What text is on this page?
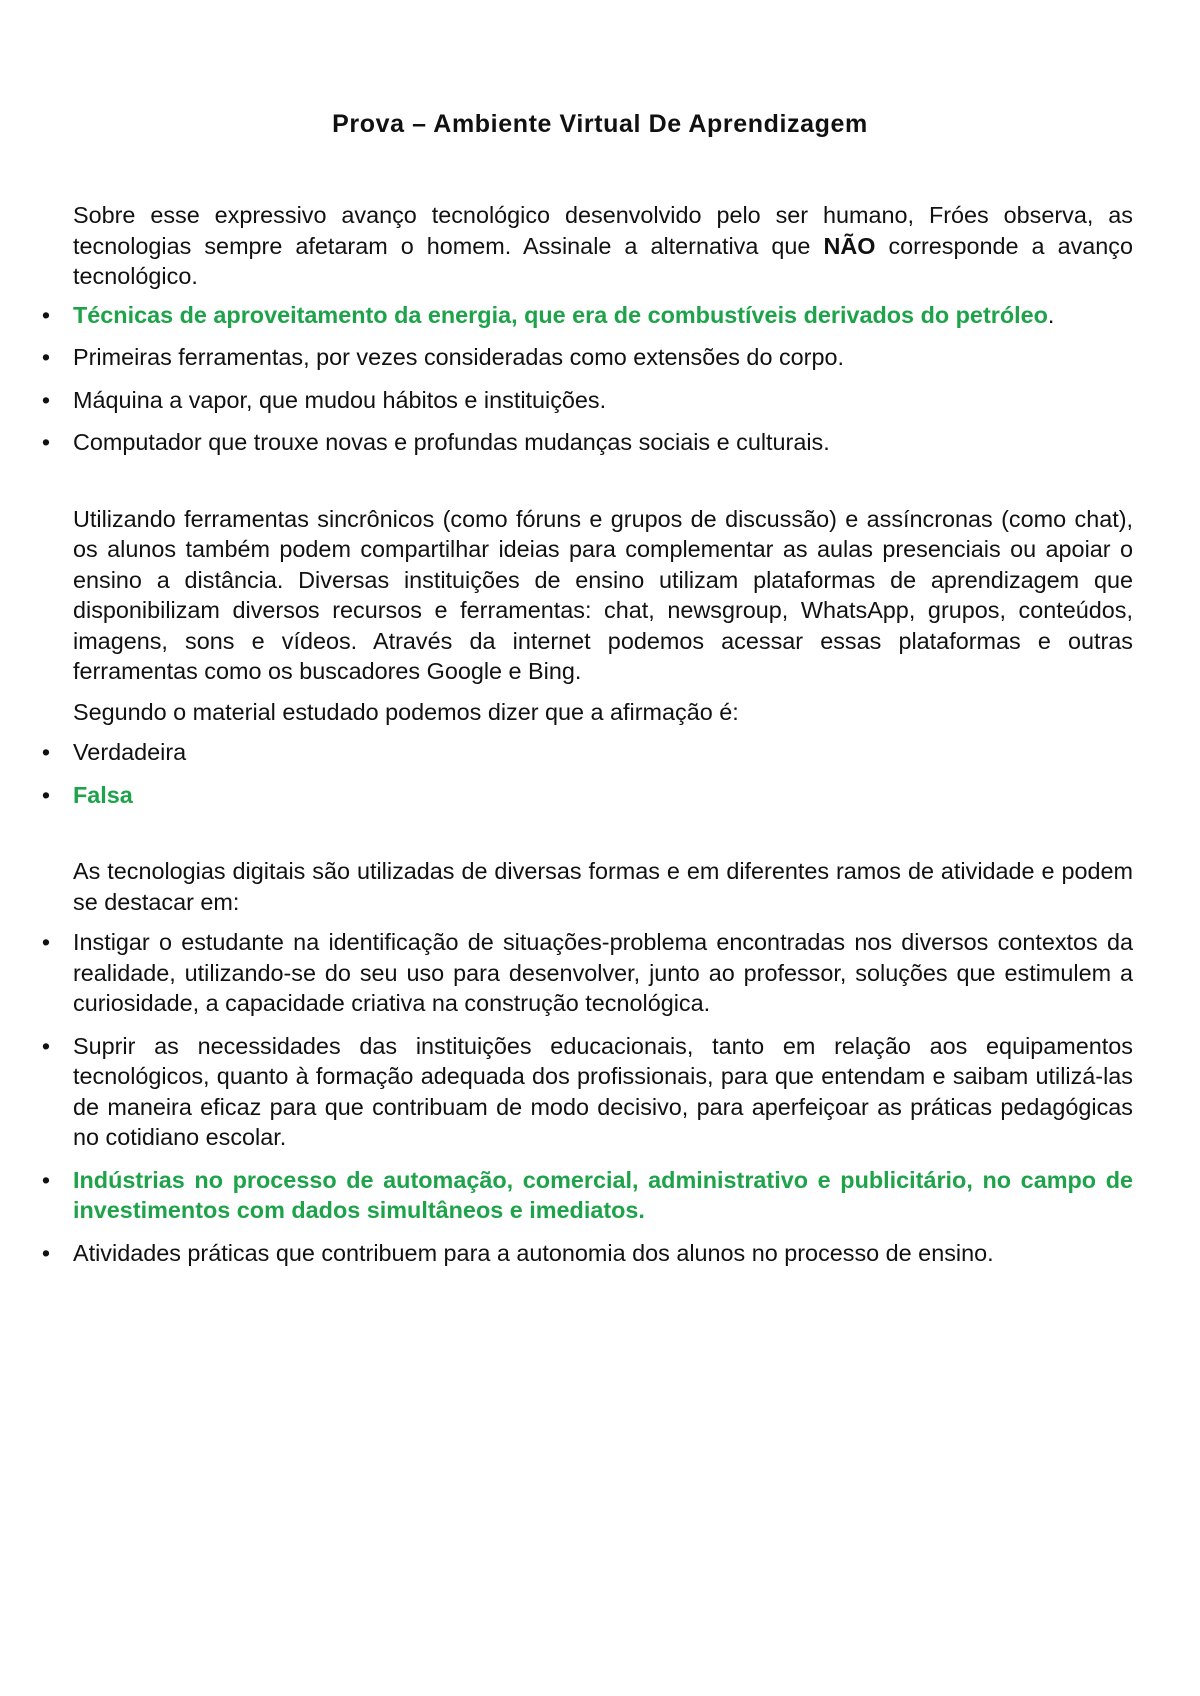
Prova – Ambiente Virtual De Aprendizagem

Sobre esse expressivo avanço tecnológico desenvolvido pelo ser humano, Fróes observa, as tecnologias sempre afetaram o homem. Assinale a alternativa que NÃO corresponde a avanço tecnológico.

• Técnicas de aproveitamento da energia, que era de combustíveis derivados do petróleo.
• Primeiras ferramentas, por vezes consideradas como extensões do corpo.
• Máquina a vapor, que mudou hábitos e instituições.
• Computador que trouxe novas e profundas mudanças sociais e culturais.

Utilizando ferramentas sincrônicos (como fóruns e grupos de discussão) e assíncronas (como chat), os alunos também podem compartilhar ideias para complementar as aulas presenciais ou apoiar o ensino a distância. Diversas instituições de ensino utilizam plataformas de aprendizagem que disponibilizam diversos recursos e ferramentas: chat, newsgroup, WhatsApp, grupos, conteúdos, imagens, sons e vídeos. Através da internet podemos acessar essas plataformas e outras ferramentas como os buscadores Google e Bing.

Segundo o material estudado podemos dizer que a afirmação é:

• Verdadeira
• Falsa

As tecnologias digitais são utilizadas de diversas formas e em diferentes ramos de atividade e podem se destacar em:

• Instigar o estudante na identificação de situações-problema encontradas nos diversos contextos da realidade, utilizando-se do seu uso para desenvolver, junto ao professor, soluções que estimulem a curiosidade, a capacidade criativa na construção tecnológica.
• Suprir as necessidades das instituições educacionais, tanto em relação aos equipamentos tecnológicos, quanto à formação adequada dos profissionais, para que entendam e saibam utilizá-las de maneira eficaz para que contribuam de modo decisivo, para aperfeiçoar as práticas pedagógicas no cotidiano escolar.
• Indústrias no processo de automação, comercial, administrativo e publicitário, no campo de investimentos com dados simultâneos e imediatos.
• Atividades práticas que contribuem para a autonomia dos alunos no processo de ensino.
